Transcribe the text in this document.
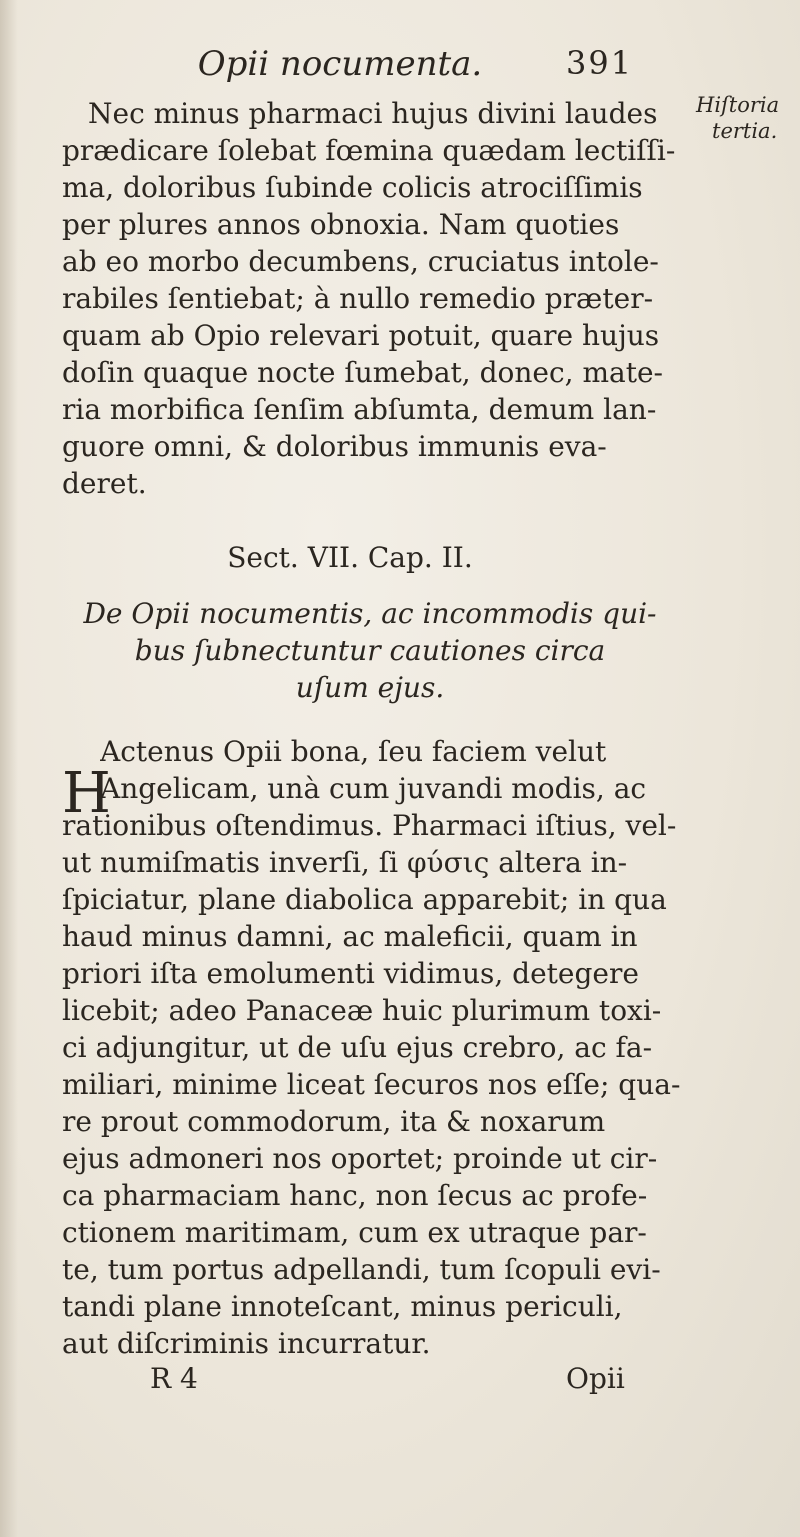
Opii nocumenta.	391
Hiſtoria
tertia.
Nec minus pharmaci hujus divini laudes
prædicare ſolebat fœmina quædam lectiſſi-
ma, doloribus ſubinde colicis atrociſſimis
per plures annos obnoxia. Nam quoties
ab eo morbo decumbens, cruciatus intole-
rabiles ſentiebat; à nullo remedio præter-
quam ab Opio relevari potuit, quare hujus
doſin quaque nocte ſumebat, donec, mate-
ria morbifica ſenſim abſumta, demum lan-
guore omni, & doloribus immunis eva-
deret.
Sect. VII. Cap. II.
De Opii nocumentis, ac incommodis qui-
bus ſubnectuntur cautiones circa
uſum ejus.
H
Actenus Opii bona, ſeu faciem velut
Angelicam, unà cum juvandi modis, ac
rationibus oſtendimus. Pharmaci iſtius, vel-
ut numiſmatis inverſi, ſi φύσις altera in-
ſpiciatur, plane diabolica apparebit; in qua
haud minus damni, ac maleficii, quam in
priori iſta emolumenti vidimus, detegere
licebit; adeo Panaceæ huic plurimum toxi-
ci adjungitur, ut de uſu ejus crebro, ac fa-
miliari, minime liceat ſecuros nos eſſe; qua-
re prout commodorum, ita & noxarum
ejus admoneri nos oportet; proinde ut cir-
ca pharmaciam hanc, non ſecus ac profe-
ctionem maritimam, cum ex utraque par-
te, tum portus adpellandi, tum ſcopuli evi-
tandi plane innoteſcant, minus periculi,
aut diſcriminis incurratur.
R 4	Opii
